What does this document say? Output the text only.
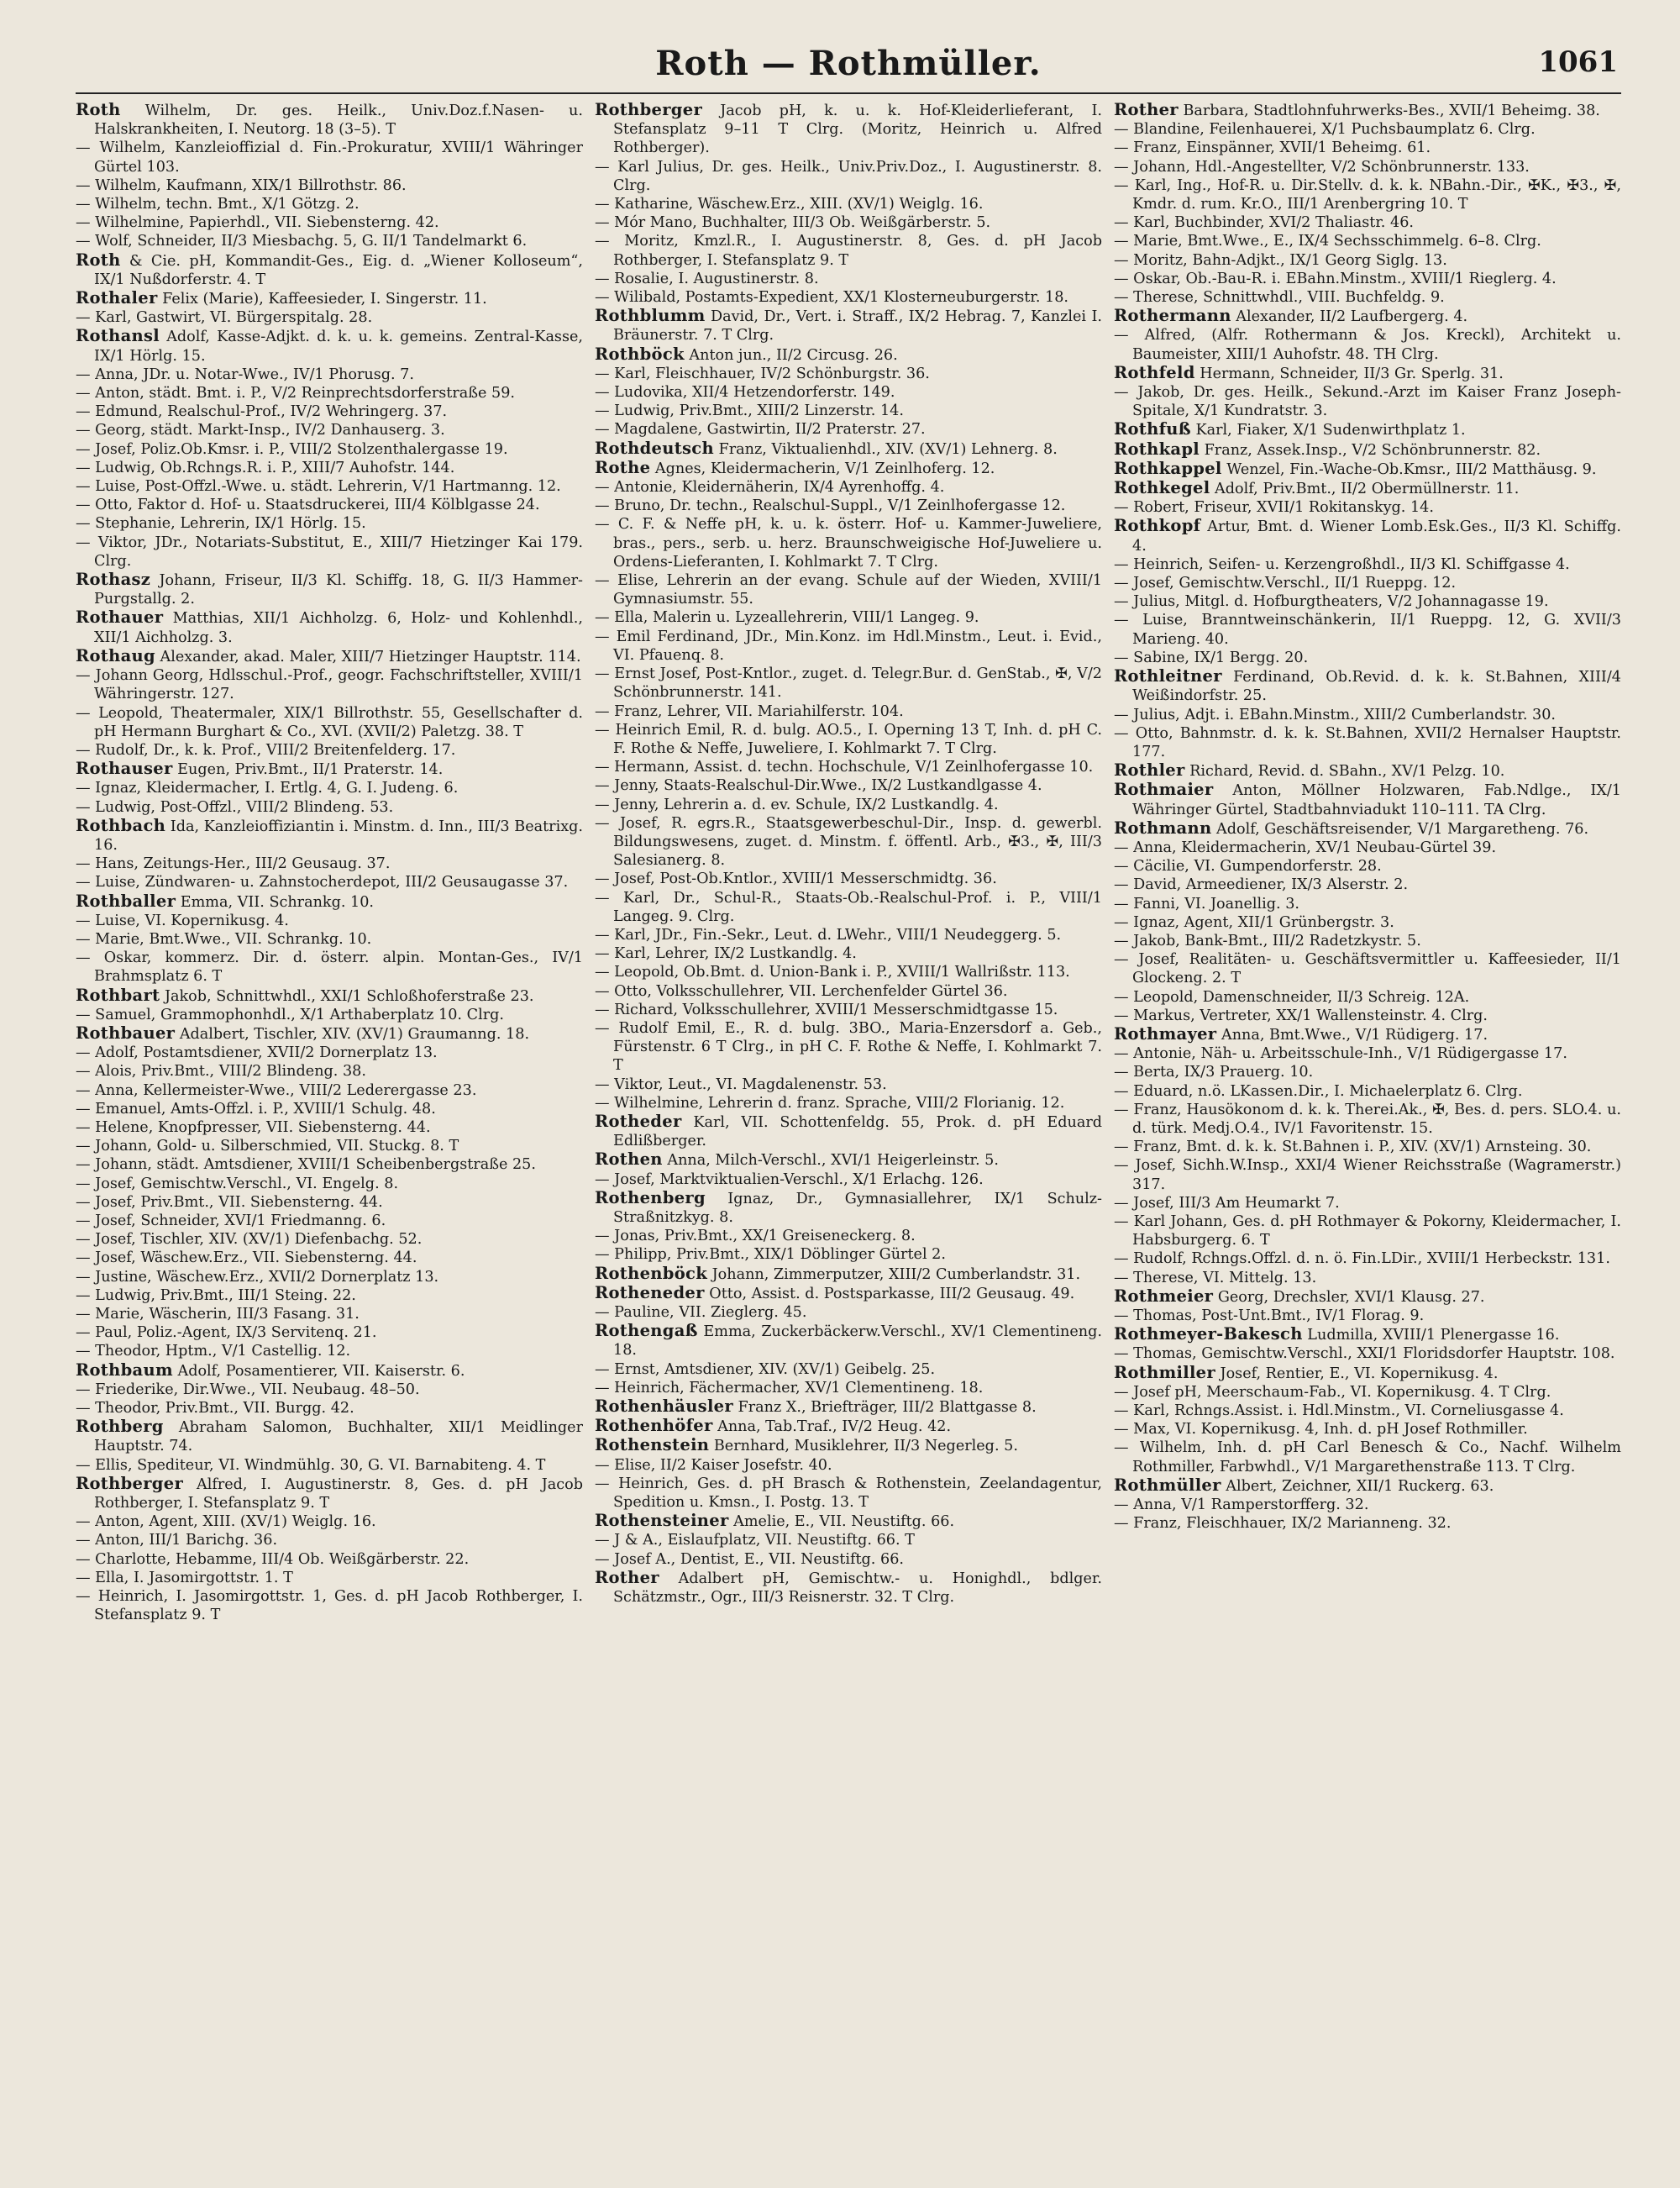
Roth — Rothmüller.	1061

Roth Wilhelm, Dr. ges. Heilk., Univ.Doz.f.Nasen- u. Halskrankheiten, I. Neutorg. 18 (3–5). T

— Wilhelm, Kanzleioffizial d. Fin.-Prokuratur, XVIII/1 Währinger Gürtel 103.

— Wilhelm, Kaufmann, XIX/1 Billrothstr. 86.

— Wilhelm, techn. Bmt., X/1 Götzg. 2.

— Wilhelmine, Papierhdl., VII. Siebensterng. 42.

— Wolf, Schneider, II/3 Miesbachg. 5, G. II/1 Tandelmarkt 6.

Roth & Cie. pH, Kommandit-Ges., Eig. d. „Wiener Kolloseum“, IX/1 Nußdorferstr. 4. T

Rothaler Felix (Marie), Kaffeesieder, I. Singerstr. 11.

— Karl, Gastwirt, VI. Bürgerspitalg. 28.

Rothansl Adolf, Kasse-Adjkt. d. k. u. k. gemeins. Zentral-Kasse, IX/1 Hörlg. 15.

— Anna, JDr. u. Notar-Wwe., IV/1 Phorusg. 7.

— Anton, städt. Bmt. i. P., V/2 Reinprechtsdorferstraße 59.

— Edmund, Realschul-Prof., IV/2 Wehringerg. 37.

— Georg, städt. Markt-Insp., IV/2 Danhauserg. 3.

— Josef, Poliz.Ob.Kmsr. i. P., VIII/2 Stolzenthalergasse 19.

— Ludwig, Ob.Rchngs.R. i. P., XIII/7 Auhofstr. 144.

— Luise, Post-Offzl.-Wwe. u. städt. Lehrerin, V/1 Hartmanng. 12.

— Otto, Faktor d. Hof- u. Staatsdruckerei, III/4 Kölblgasse 24.

— Stephanie, Lehrerin, IX/1 Hörlg. 15.

— Viktor, JDr., Notariats-Substitut, E., XIII/7 Hietzinger Kai 179. Clrg.

Rothasz Johann, Friseur, II/3 Kl. Schiffg. 18, G. II/3 Hammer-Purgstallg. 2.

Rothauer Matthias, XII/1 Aichholzg. 6, Holz- und Kohlenhdl., XII/1 Aichholzg. 3.

Rothaug Alexander, akad. Maler, XIII/7 Hietzinger Hauptstr. 114.

— Johann Georg, Hdlsschul.-Prof., geogr. Fachschriftsteller, XVIII/1 Währingerstr. 127.

— Leopold, Theatermaler, XIX/1 Billrothstr. 55, Gesellschafter d. pH Hermann Burghart & Co., XVI. (XVII/2) Paletzg. 38. T

— Rudolf, Dr., k. k. Prof., VIII/2 Breitenfelderg. 17.

Rothauser Eugen, Priv.Bmt., II/1 Praterstr. 14.

— Ignaz, Kleidermacher, I. Ertlg. 4, G. I. Judeng. 6.

— Ludwig, Post-Offzl., VIII/2 Blindeng. 53.

Rothbach Ida, Kanzleioffiziantin i. Minstm. d. Inn., III/3 Beatrixg. 16.

— Hans, Zeitungs-Her., III/2 Geusaug. 37.

— Luise, Zündwaren- u. Zahnstocherdepot, III/2 Geusaugasse 37.

Rothballer Emma, VII. Schrankg. 10.

— Luise, VI. Kopernikusg. 4.

— Marie, Bmt.Wwe., VII. Schrankg. 10.

— Oskar, kommerz. Dir. d. österr. alpin. Montan-Ges., IV/1 Brahmsplatz 6. T

Rothbart Jakob, Schnittwhdl., XXI/1 Schloßhoferstraße 23.

— Samuel, Grammophonhdl., X/1 Arthaberplatz 10. Clrg.

Rothbauer Adalbert, Tischler, XIV. (XV/1) Graumanng. 18.

— Adolf, Postamtsdiener, XVII/2 Dornerplatz 13.

— Alois, Priv.Bmt., VIII/2 Blindeng. 38.

— Anna, Kellermeister-Wwe., VIII/2 Lederergasse 23.

— Emanuel, Amts-Offzl. i. P., XVIII/1 Schulg. 48.

— Helene, Knopfpresser, VII. Siebensterng. 44.

— Johann, Gold- u. Silberschmied, VII. Stuckg. 8. T

— Johann, städt. Amtsdiener, XVIII/1 Scheibenbergstraße 25.

— Josef, Gemischtw.Verschl., VI. Engelg. 8.

— Josef, Priv.Bmt., VII. Siebensterng. 44.

— Josef, Schneider, XVI/1 Friedmanng. 6.

— Josef, Tischler, XIV. (XV/1) Diefenbachg. 52.

— Josef, Wäschew.Erz., VII. Siebensterng. 44.

— Justine, Wäschew.Erz., XVII/2 Dornerplatz 13.

— Ludwig, Priv.Bmt., III/1 Steing. 22.

— Marie, Wäscherin, III/3 Fasang. 31.

— Paul, Poliz.-Agent, IX/3 Servitenq. 21.

— Theodor, Hptm., V/1 Castellig. 12.

Rothbaum Adolf, Posamentierer, VII. Kaiserstr. 6.

— Friederike, Dir.Wwe., VII. Neubaug. 48–50.

— Theodor, Priv.Bmt., VII. Burgg. 42.

Rothberg Abraham Salomon, Buchhalter, XII/1 Meidlinger Hauptstr. 74.

— Ellis, Spediteur, VI. Windmühlg. 30, G. VI. Barnabiteng. 4. T

Rothberger Alfred, I. Augustinerstr. 8, Ges. d. pH Jacob Rothberger, I. Stefansplatz 9. T

— Anton, Agent, XIII. (XV/1) Weiglg. 16.

— Anton, III/1 Barichg. 36.

— Charlotte, Hebamme, III/4 Ob. Weißgärberstr. 22.

— Ella, I. Jasomirgottstr. 1. T

— Heinrich, I. Jasomirgottstr. 1, Ges. d. pH Jacob Rothberger, I. Stefansplatz 9. T

Rothberger Jacob pH, k. u. k. Hof-Kleiderlieferant, I. Stefansplatz 9–11 T Clrg. (Moritz, Heinrich u. Alfred Rothberger).

— Karl Julius, Dr. ges. Heilk., Univ.Priv.Doz., I. Augustinerstr. 8. Clrg.

— Katharine, Wäschew.Erz., XIII. (XV/1) Weiglg. 16.

— Mór Mano, Buchhalter, III/3 Ob. Weißgärberstr. 5.

— Moritz, Kmzl.R., I. Augustinerstr. 8, Ges. d. pH Jacob Rothberger, I. Stefansplatz 9. T

— Rosalie, I. Augustinerstr. 8.

— Wilibald, Postamts-Expedient, XX/1 Klosterneuburgerstr. 18.

Rothblumm David, Dr., Vert. i. Straff., IX/2 Hebrag. 7, Kanzlei I. Bräunerstr. 7. T Clrg.

Rothböck Anton jun., II/2 Circusg. 26.

— Karl, Fleischhauer, IV/2 Schönburgstr. 36.

— Ludovika, XII/4 Hetzendorferstr. 149.

— Ludwig, Priv.Bmt., XIII/2 Linzerstr. 14.

— Magdalene, Gastwirtin, II/2 Praterstr. 27.

Rothdeutsch Franz, Viktualienhdl., XIV. (XV/1) Lehnerg. 8.

Rothe Agnes, Kleidermacherin, V/1 Zeinlhoferg. 12.

— Antonie, Kleidernäherin, IX/4 Ayrenhoffg. 4.

— Bruno, Dr. techn., Realschul-Suppl., V/1 Zeinlhofergasse 12.

— C. F. & Neffe pH, k. u. k. österr. Hof- u. Kammer-Juweliere, bras., pers., serb. u. herz. Braunschweigische Hof-Juweliere u. Ordens-Lieferanten, I. Kohlmarkt 7. T Clrg.

— Elise, Lehrerin an der evang. Schule auf der Wieden, XVIII/1 Gymnasiumstr. 55.

— Ella, Malerin u. Lyzeallehrerin, VIII/1 Langeg. 9.

— Emil Ferdinand, JDr., Min.Konz. im Hdl.Minstm., Leut. i. Evid., VI. Pfauenq. 8.

— Ernst Josef, Post-Kntlor., zuget. d. Telegr.Bur. d. GenStab., ✠, V/2 Schönbrunnerstr. 141.

— Franz, Lehrer, VII. Mariahilferstr. 104.

— Heinrich Emil, R. d. bulg. AO.5., I. Operning 13 T, Inh. d. pH C. F. Rothe & Neffe, Juweliere, I. Kohlmarkt 7. T Clrg.

— Hermann, Assist. d. techn. Hochschule, V/1 Zeinlhofergasse 10.

— Jenny, Staats-Realschul-Dir.Wwe., IX/2 Lustkandlgasse 4.

— Jenny, Lehrerin a. d. ev. Schule, IX/2 Lustkandlg. 4.

— Josef, R. egrs.R., Staatsgewerbeschul-Dir., Insp. d. gewerbl. Bildungswesens, zuget. d. Minstm. f. öffentl. Arb., ✠3., ✠, III/3 Salesianerg. 8.

— Josef, Post-Ob.Kntlor., XVIII/1 Messerschmidtg. 36.

— Karl, Dr., Schul-R., Staats-Ob.-Realschul-Prof. i. P., VIII/1 Langeg. 9. Clrg.

— Karl, JDr., Fin.-Sekr., Leut. d. LWehr., VIII/1 Neudeggerg. 5.

— Karl, Lehrer, IX/2 Lustkandlg. 4.

— Leopold, Ob.Bmt. d. Union-Bank i. P., XVIII/1 Wallrißstr. 113.

— Otto, Volksschullehrer, VII. Lerchenfelder Gürtel 36.

— Richard, Volksschullehrer, XVIII/1 Messerschmidtgasse 15.

— Rudolf Emil, E., R. d. bulg. 3BO., Maria-Enzersdorf a. Geb., Fürstenstr. 6 T Clrg., in pH C. F. Rothe & Neffe, I. Kohlmarkt 7. T

— Viktor, Leut., VI. Magdalenenstr. 53.

— Wilhelmine, Lehrerin d. franz. Sprache, VIII/2 Florianig. 12.

Rotheder Karl, VII. Schottenfeldg. 55, Prok. d. pH Eduard Edlißberger.

Rothen Anna, Milch-Verschl., XVI/1 Heigerleinstr. 5.

— Josef, Marktviktualien-Verschl., X/1 Erlachg. 126.

Rothenberg Ignaz, Dr., Gymnasiallehrer, IX/1 Schulz-Straßnitzkyg. 8.

— Jonas, Priv.Bmt., XX/1 Greiseneckerg. 8.

— Philipp, Priv.Bmt., XIX/1 Döblinger Gürtel 2.

Rothenböck Johann, Zimmerputzer, XIII/2 Cumberlandstr. 31.

Rotheneder Otto, Assist. d. Postsparkasse, III/2 Geusaug. 49.

— Pauline, VII. Zieglerg. 45.

Rothengaß Emma, Zuckerbäckerw.Verschl., XV/1 Clementineng. 18.

— Ernst, Amtsdiener, XIV. (XV/1) Geibelg. 25.

— Heinrich, Fächermacher, XV/1 Clementineng. 18.

Rothenhäusler Franz X., Briefträger, III/2 Blattgasse 8.

Rothenhöfer Anna, Tab.Traf., IV/2 Heug. 42.

Rothenstein Bernhard, Musiklehrer, II/3 Negerleg. 5.

— Elise, II/2 Kaiser Josefstr. 40.

— Heinrich, Ges. d. pH Brasch & Rothenstein, Zeelandagentur, Spedition u. Kmsn., I. Postg. 13. T

Rothensteiner Amelie, E., VII. Neustiftg. 66.

— J & A., Eislaufplatz, VII. Neustiftg. 66. T

— Josef A., Dentist, E., VII. Neustiftg. 66.

Rother Adalbert pH, Gemischtw.- u. Honighdl., bdlger. Schätzmstr., Ogr., III/3 Reisnerstr. 32. T Clrg.

Rother Barbara, Stadtlohnfuhrwerks-Bes., XVII/1 Beheimg. 38.

— Blandine, Feilenhauerei, X/1 Puchsbaumplatz 6. Clrg.

— Franz, Einspänner, XVII/1 Beheimg. 61.

— Johann, Hdl.-Angestellter, V/2 Schönbrunnerstr. 133.

— Karl, Ing., Hof-R. u. Dir.Stellv. d. k. k. NBahn.-Dir., ✠K., ✠3., ✠, Kmdr. d. rum. Kr.O., III/1 Arenbergring 10. T

— Karl, Buchbinder, XVI/2 Thaliastr. 46.

— Marie, Bmt.Wwe., E., IX/4 Sechsschimmelg. 6–8. Clrg.

— Moritz, Bahn-Adjkt., IX/1 Georg Siglg. 13.

— Oskar, Ob.-Bau-R. i. EBahn.Minstm., XVIII/1 Rieglerg. 4.

— Therese, Schnittwhdl., VIII. Buchfeldg. 9.

Rothermann Alexander, II/2 Laufbergerg. 4.

— Alfred, (Alfr. Rothermann & Jos. Kreckl), Architekt u. Baumeister, XIII/1 Auhofstr. 48. TH Clrg.

Rothfeld Hermann, Schneider, II/3 Gr. Sperlg. 31.

— Jakob, Dr. ges. Heilk., Sekund.-Arzt im Kaiser Franz Joseph-Spitale, X/1 Kundratstr. 3.

Rothfuß Karl, Fiaker, X/1 Sudenwirthplatz 1.

Rothkapl Franz, Assek.Insp., V/2 Schönbrunnerstr. 82.

Rothkappel Wenzel, Fin.-Wache-Ob.Kmsr., III/2 Matthäusg. 9.

Rothkegel Adolf, Priv.Bmt., II/2 Obermüllnerstr. 11.

— Robert, Friseur, XVII/1 Rokitanskyg. 14.

Rothkopf Artur, Bmt. d. Wiener Lomb.Esk.Ges., II/3 Kl. Schiffg. 4.

— Heinrich, Seifen- u. Kerzengroßhdl., II/3 Kl. Schiffgasse 4.

— Josef, Gemischtw.Verschl., II/1 Rueppg. 12.

— Julius, Mitgl. d. Hofburgtheaters, V/2 Johannagasse 19.

— Luise, Branntweinschänkerin, II/1 Rueppg. 12, G. XVII/3 Marieng. 40.

— Sabine, IX/1 Bergg. 20.

Rothleitner Ferdinand, Ob.Revid. d. k. k. St.Bahnen, XIII/4 Weißindorfstr. 25.

— Julius, Adjt. i. EBahn.Minstm., XIII/2 Cumberlandstr. 30.

— Otto, Bahnmstr. d. k. k. St.Bahnen, XVII/2 Hernalser Hauptstr. 177.

Rothler Richard, Revid. d. SBahn., XV/1 Pelzg. 10.

Rothmaier Anton, Möllner Holzwaren, Fab.Ndlge., IX/1 Währinger Gürtel, Stadtbahnviadukt 110–111. TA Clrg.

Rothmann Adolf, Geschäftsreisender, V/1 Margaretheng. 76.

— Anna, Kleidermacherin, XV/1 Neubau-Gürtel 39.

— Cäcilie, VI. Gumpendorferstr. 28.

— David, Armeediener, IX/3 Alserstr. 2.

— Fanni, VI. Joanellig. 3.

— Ignaz, Agent, XII/1 Grünbergstr. 3.

— Jakob, Bank-Bmt., III/2 Radetzkystr. 5.

— Josef, Realitäten- u. Geschäftsvermittler u. Kaffeesieder, II/1 Glockeng. 2. T

— Leopold, Damenschneider, II/3 Schreig. 12A.

— Markus, Vertreter, XX/1 Wallensteinstr. 4. Clrg.

Rothmayer Anna, Bmt.Wwe., V/1 Rüdigerg. 17.

— Antonie, Näh- u. Arbeitsschule-Inh., V/1 Rüdigergasse 17.

— Berta, IX/3 Prauerg. 10.

— Eduard, n.ö. LKassen.Dir., I. Michaelerplatz 6. Clrg.

— Franz, Hausökonom d. k. k. Therei.Ak., ✠, Bes. d. pers. SLO.4. u. d. türk. Medj.O.4., IV/1 Favoritenstr. 15.

— Franz, Bmt. d. k. k. St.Bahnen i. P., XIV. (XV/1) Arnsteing. 30.

— Josef, Sichh.W.Insp., XXI/4 Wiener Reichsstraße (Wagramerstr.) 317.

— Josef, III/3 Am Heumarkt 7.

— Karl Johann, Ges. d. pH Rothmayer & Pokorny, Kleidermacher, I. Habsburgerg. 6. T

— Rudolf, Rchngs.Offzl. d. n. ö. Fin.LDir., XVIII/1 Herbeckstr. 131.

— Therese, VI. Mittelg. 13.

Rothmeier Georg, Drechsler, XVI/1 Klausg. 27.

— Thomas, Post-Unt.Bmt., IV/1 Florag. 9.

Rothmeyer-Bakesch Ludmilla, XVIII/1 Plenergasse 16.

— Thomas, Gemischtw.Verschl., XXI/1 Floridsdorfer Hauptstr. 108.

Rothmiller Josef, Rentier, E., VI. Kopernikusg. 4.

— Josef pH, Meerschaum-Fab., VI. Kopernikusg. 4. T Clrg.

— Karl, Rchngs.Assist. i. Hdl.Minstm., VI. Corneliusgasse 4.

— Max, VI. Kopernikusg. 4, Inh. d. pH Josef Rothmiller.

— Wilhelm, Inh. d. pH Carl Benesch & Co., Nachf. Wilhelm Rothmiller, Farbwhdl., V/1 Margarethenstraße 113. T Clrg.

Rothmüller Albert, Zeichner, XII/1 Ruckerg. 63.

— Anna, V/1 Ramperstorfferg. 32.

— Franz, Fleischhauer, IX/2 Marianneng. 32.
